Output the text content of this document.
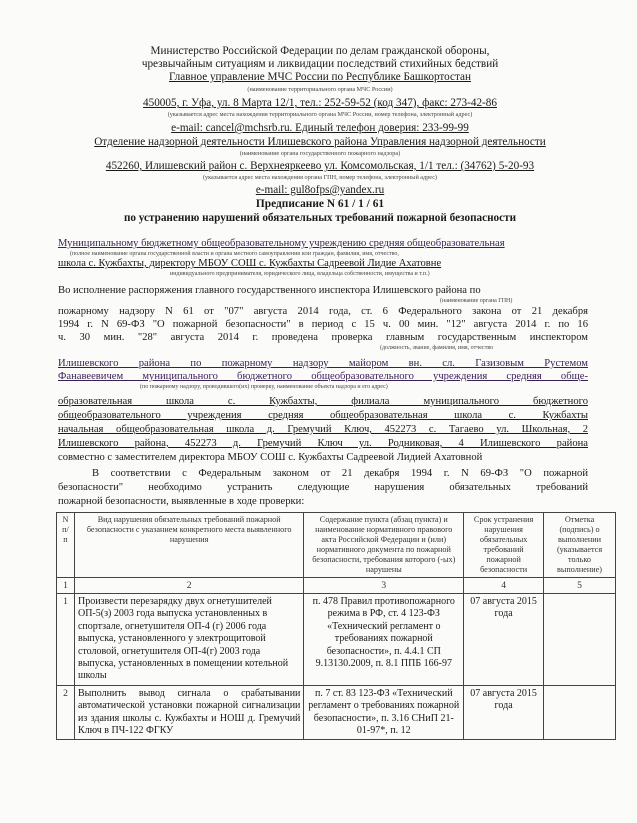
Министерство Российской Федерации по делам гражданской обороны,
чрезвычайным ситуациям и ликвидации последствий стихийных бедствий
Главное управление МЧС России по Республике Башкортостан
(наименование территориального органа МЧС России)
450005, г. Уфа, ул. 8 Марта 12/1, тел.: 252-59-52 (код 347), факс: 273-42-86
(указывается адрес места нахождения территориального органа МЧС России, номер телефона, электронный адрес)
e-mail: cancel@mchsrb.ru. Единый телефон доверия: 233-99-99
Отделение надзорной деятельности Илишевского района Управления надзорной деятельности
(наименование органа государственного пожарного надзора)
452260, Илишевский район с. Верхнеяркеево ул. Комсомольская, 1/1 тел.: (34762) 5-20-93
(указывается адрес места нахождения органа ГПН, номер телефона, электронный адрес)
e-mail: gul8ofps@yandex.ru
Предписание N 61 / 1 / 61
по устранению нарушений обязательных требований пожарной безопасности
Муниципальному бюджетному общеобразовательному учреждению средняя общеобразовательная
(полное наименование органа государственной власти и органа местного самоуправления или граждан, фамилия, имя, отчество,
школа с. Кужбахты, директору МБОУ СОШ с. Кужбахты Садреевой Лидие Ахатовне
индивидуального предпринимателя, юридического лица, владельца собственности, имущества и т.п.)
Во исполнение распоряжения главного государственного инспектора Илишевского района по
(наименование органа ГПН)
пожарному надзору N 61 от "07" августа 2014 года, ст. 6 Федерального закона от 21 декабря
1994 г. N 69-ФЗ "О пожарной безопасности" в период с 15 ч. 00 мин. "12" августа 2014 г. по 16
ч. 30 мин. "28" августа 2014 г. проведена проверка главным государственным инспектором
(должность, звание, фамилия, имя, отчество
Илишевского района по пожарному надзору майором вн. сл. Газизовым Рустемом
Фанавеевичем муниципального бюджетного общеобразовательного учреждения средняя обще-
(по пожарному надзору, проводившего(их) проверку, наименование объекта надзора и его адрес)
образовательная школа с. Кужбахты, филиала муниципального бюджетного
общеобразовательного учреждения средняя общеобразовательная школа с. Кужбахты
начальная общеобразовательная школа д. Гремучий Ключ, 452273 с. Тагаево ул. Школьная, 2
Илишевского района, 452273 д. Гремучий Ключ ул. Родниковая, 4 Илишевского района
совместно с заместителем директора МБОУ СОШ с. Кужбахты Садреевой Лидией Ахатовной
В соответствии с Федеральным законом от 21 декабря 1994 г. N 69-ФЗ "О пожарной
безопасности" необходимо устранить следующие нарушения обязательных требований
пожарной безопасности, выявленные в ходе проверки:
N п/п	Вид нарушения обязательных требований пожарной безопасности с указанием конкретного места выявленного нарушения	Содержание пункта (абзац пункта) и наименование нормативного правового акта Российской Федерации и (или) нормативного документа по пожарной безопасности, требования которого (-ых) нарушены	Срок устранения нарушения обязательных требований пожарной безопасности	Отметка (подпись) о выполнении (указывается только выполнение)
1	2	3	4	5
1	Произвести перезарядку двух огнетушителей ОП-5(з) 2003 года выпуска установленных в спортзале, огнетушителя ОП-4 (г) 2006 года выпуска, установленного у электрощитовой столовой, огнетушителя ОП-4(г) 2003 года выпуска, установленных в помещении котельной школы	п. 478 Правил противопожарного режима в РФ, ст. 4 123-ФЗ «Технический регламент о требованиях пожарной безопасности», п. 4.4.1 СП 9.13130.2009, п. 8.1 ППБ 166-97	07 августа 2015 года	
2	Выполнить вывод сигнала о срабатывании автоматической установки пожарной сигнализации из здания школы с. Кужбахты и НОШ д. Гремучий Ключ в ПЧ-122 ФГКУ	п. 7 ст. 83 123-ФЗ «Технический регламент о требованиях пожарной безопасности», п. 3.16 СНиП 21-01-97*, п. 12	07 августа 2015 года	
